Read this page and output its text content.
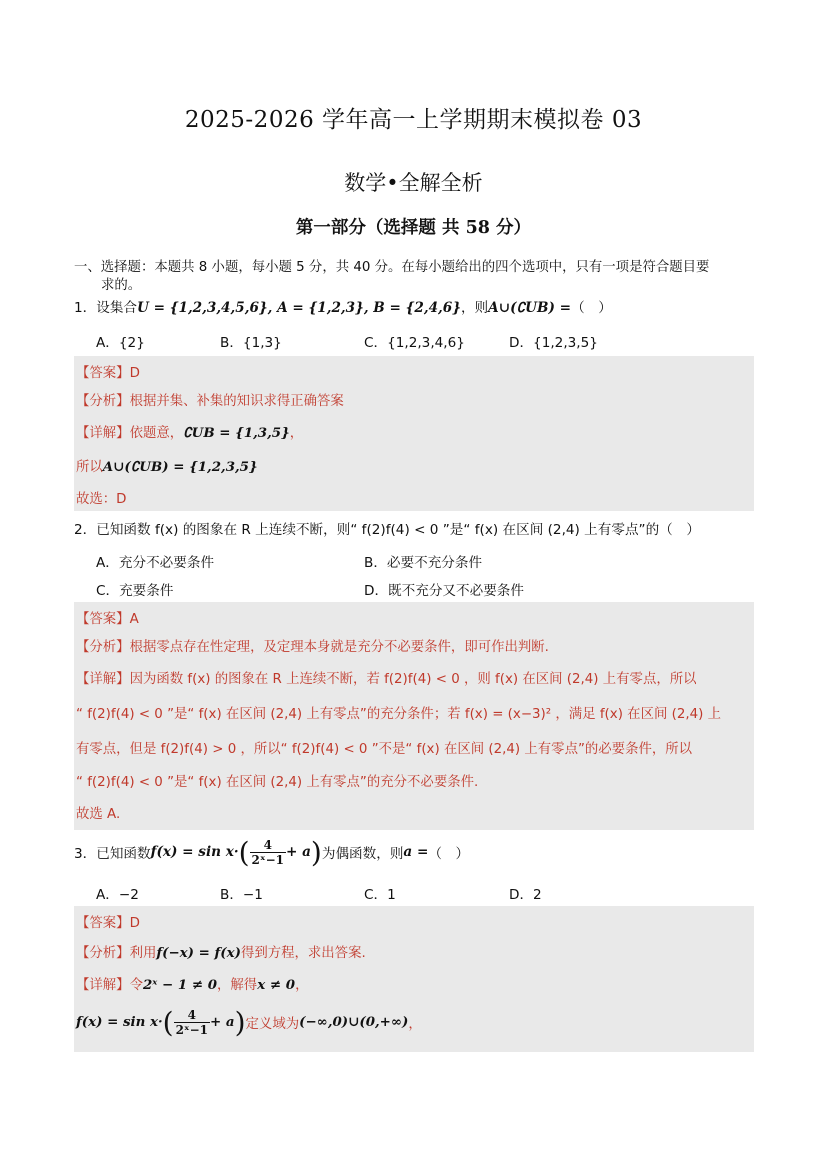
2025-2026 学年高一上学期期末模拟卷 03
数学•全解全析
第一部分（选择题 共 58 分）
一、选择题：本题共 8 小题，每小题 5 分，共 40 分。在每小题给出的四个选项中，只有一项是符合题目要
求的。
1．设集合U = {1,2,3,4,5,6}, A = {1,2,3}, B = {2,4,6}，则A∪(∁UB) =（　）
A．{2}	B．{1,3}	C．{1,2,3,4,6}	D．{1,2,3,5}
【答案】D
【分析】根据并集、补集的知识求得正确答案
【详解】依题意，∁UB = {1,3,5}，
所以A∪(∁UB) = {1,2,3,5}
故选：D
2．已知函数 f(x) 的图象在 R 上连续不断，则“ f(2)f(4) < 0 ”是“ f(x) 在区间 (2,4) 上有零点”的（　）
A．充分不必要条件	B．必要不充分条件
C．充要条件	D．既不充分又不必要条件
【答案】A
【分析】根据零点存在性定理，及定理本身就是充分不必要条件，即可作出判断.
【详解】因为函数 f(x) 的图象在 R 上连续不断，若 f(2)f(4) < 0 ，则 f(x) 在区间 (2,4) 上有零点，所以
“ f(2)f(4) < 0 ”是“ f(x) 在区间 (2,4) 上有零点”的充分条件；若 f(x) = (x−3)² ，满足 f(x) 在区间 (2,4) 上
有零点，但是 f(2)f(4) > 0 ，所以“ f(2)f(4) < 0 ”不是“ f(x) 在区间 (2,4) 上有零点”的必要条件，所以
“ f(2)f(4) < 0 ”是“ f(x) 在区间 (2,4) 上有零点”的充分不必要条件.
故选 A.
3．已知函数 f(x) = sin x· ( $\frac{4}{\text{2ˣ−1}} + a$ ) 为偶函数，则 a = （　）
A．−2	B．−1	C．1	D．2
【答案】D
【分析】利用f(−x) = f(x)得到方程，求出答案.
【详解】令2ˣ − 1 ≠ 0，解得x ≠ 0，
f(x) = sin x· ( $\frac{4}{\text{2ˣ−1}} + a$ ) 定义域为 (−∞,0)∪(0,+∞) ，
